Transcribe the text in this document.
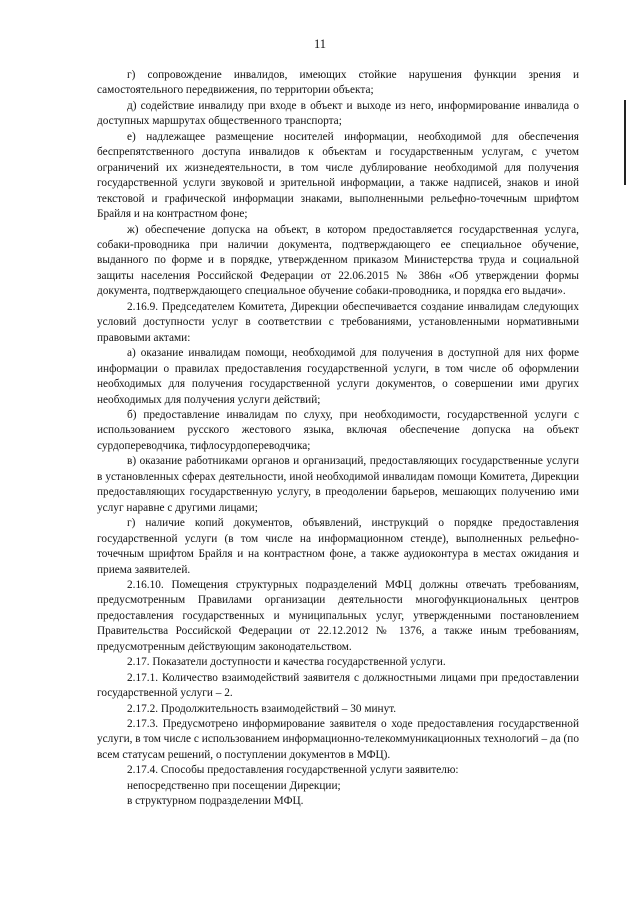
11

г) сопровождение инвалидов, имеющих стойкие нарушения функции зрения и самостоятельного передвижения, по территории объекта;

д) содействие инвалиду при входе в объект и выходе из него, информирование инвалида о доступных маршрутах общественного транспорта;

е) надлежащее размещение носителей информации, необходимой для обеспечения беспрепятственного доступа инвалидов к объектам и государственным услугам, с учетом ограничений их жизнедеятельности, в том числе дублирование необходимой для получения государственной услуги звуковой и зрительной информации, а также надписей, знаков и иной текстовой и графической информации знаками, выполненными рельефно-точечным шрифтом Брайля и на контрастном фоне;

ж) обеспечение допуска на объект, в котором предоставляется государственная услуга, собаки-проводника при наличии документа, подтверждающего ее специальное обучение, выданного по форме и в порядке, утвержденном приказом Министерства труда и социальной защиты населения Российской Федерации от 22.06.2015 № 386н «Об утверждении формы документа, подтверждающего специальное обучение собаки-проводника, и порядка его выдачи».

2.16.9. Председателем Комитета, Дирекции обеспечивается создание инвалидам следующих условий доступности услуг в соответствии с требованиями, установленными нормативными правовыми актами:

а) оказание инвалидам помощи, необходимой для получения в доступной для них форме информации о правилах предоставления государственной услуги, в том числе об оформлении необходимых для получения государственной услуги документов, о совершении ими других необходимых для получения услуги действий;

б) предоставление инвалидам по слуху, при необходимости, государственной услуги с использованием русского жестового языка, включая обеспечение допуска на объект сурдопереводчика, тифлосурдопереводчика;

в) оказание работниками органов и организаций, предоставляющих государственные услуги в установленных сферах деятельности, иной необходимой инвалидам помощи Комитета, Дирекции предоставляющих государственную услугу, в преодолении барьеров, мешающих получению ими услуг наравне с другими лицами;

г) наличие копий документов, объявлений, инструкций о порядке предоставления государственной услуги (в том числе на информационном стенде), выполненных рельефно-точечным шрифтом Брайля и на контрастном фоне, а также аудиоконтура в местах ожидания и приема заявителей.

2.16.10. Помещения структурных подразделений МФЦ должны отвечать требованиям, предусмотренным Правилами организации деятельности многофункциональных центров предоставления государственных и муниципальных услуг, утвержденными постановлением Правительства Российской Федерации от 22.12.2012 № 1376, а также иным требованиям, предусмотренным действующим законодательством.

2.17. Показатели доступности и качества государственной услуги.

2.17.1. Количество взаимодействий заявителя с должностными лицами при предоставлении государственной услуги – 2.

2.17.2. Продолжительность взаимодействий – 30 минут.

2.17.3. Предусмотрено информирование заявителя о ходе предоставления государственной услуги, в том числе с использованием информационно-телекоммуникационных технологий – да (по всем статусам решений, о поступлении документов в МФЦ).

2.17.4. Способы предоставления государственной услуги заявителю:

непосредственно при посещении Дирекции;

в структурном подразделении МФЦ.
